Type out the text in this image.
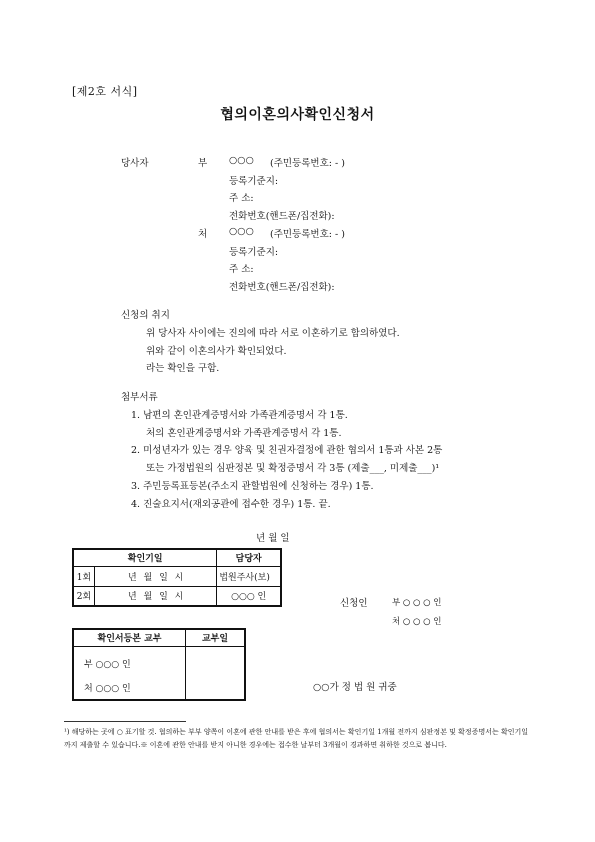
[제2호 서식]
협의이혼의사확인신청서
당사자	부 ○○○ (주민등록번호: - )
등록기준지:
주 소:
전화번호(핸드폰/집전화):
처 ○○○ (주민등록번호: - )
등록기준지:
주 소:
전화번호(핸드폰/집전화):
신청의 취지
위 당사자 사이에는 진의에 따라 서로 이혼하기로 합의하였다.
위와 같이 이혼의사가 확인되었다.
라는 확인을 구함.
첨부서류
1. 남편의 혼인관계증명서와 가족관계증명서 각 1통.
처의 혼인관계증명서와 가족관계증명서 각 1통.
2. 미성년자가 있는 경우 양육 및 친권자결정에 관한 협의서 1통과 사본 2통
또는 가정법원의 심판정본 및 확정증명서 각 3통 (제출___, 미제출___)¹
3. 주민등록표등본(주소지 관할법원에 신청하는 경우) 1통.
4. 진술요지서(재외공관에 접수한 경우) 1통. 끝.
년 월 일
확인기일		담당자
1회	년 월 일 시	법원주사(보)
2회	년 월 일 시	○○○ 인
신청인	부 ○ ○ ○ 인
처 ○ ○ ○ 인
확인서등본 교부	교부일

부 ○○○ 인
처 ○○○ 인	
		○○가 정 법 원 귀중
¹) 해당하는 곳에 ○ 표기할 것. 협의하는 부부 양쪽이 이혼에 관한 안내를 받은 후에 협의서는 확인기일 1개월 전까지 심판정본 및 확정증명서는 확인기일까지 제출할 수 있습니다.※ 이혼에 관한 안내를 받지 아니한 경우에는 접수한 날부터 3개월이 경과하면 취하한 것으로 봅니다.
